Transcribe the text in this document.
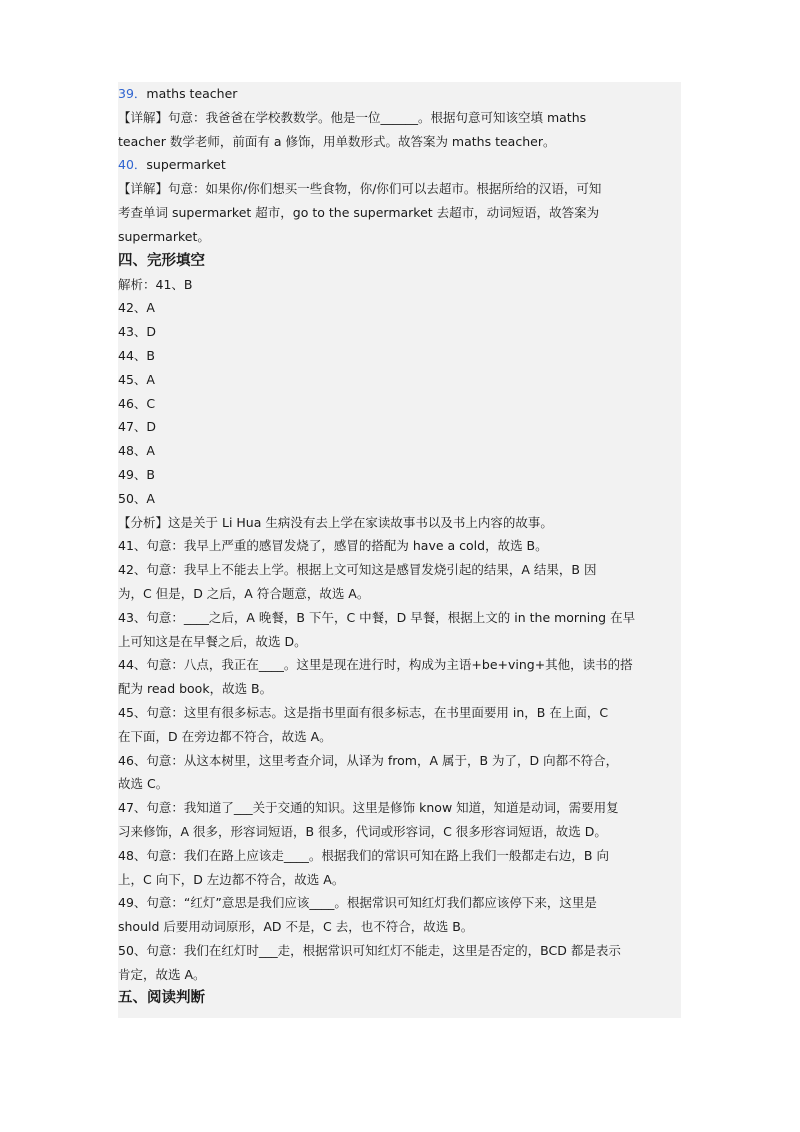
39．maths teacher
【详解】句意：我爸爸在学校教数学。他是一位______。根据句意可知该空填 maths
teacher 数学老师，前面有 a 修饰，用单数形式。故答案为 maths teacher。
40．supermarket
【详解】句意：如果你/你们想买一些食物，你/你们可以去超市。根据所给的汉语，可知
考查单词 supermarket 超市，go to the supermarket 去超市，动词短语，故答案为
supermarket。
四、完形填空
解析：41、B
42、A
43、D
44、B
45、A
46、C
47、D
48、A
49、B
50、A
【分析】这是关于 Li Hua 生病没有去上学在家读故事书以及书上内容的故事。
41、句意：我早上严重的感冒发烧了，感冒的搭配为 have a cold，故选 B。
42、句意：我早上不能去上学。根据上文可知这是感冒发烧引起的结果，A 结果，B 因
为，C 但是，D 之后，A 符合题意，故选 A。
43、句意：____之后，A 晚餐，B 下午，C 中餐，D 早餐，根据上文的 in the morning 在早
上可知这是在早餐之后，故选 D。
44、句意：八点，我正在____。这里是现在进行时，构成为主语+be+ving+其他，读书的搭
配为 read book，故选 B。
45、句意：这里有很多标志。这是指书里面有很多标志，在书里面要用 in，B 在上面，C
在下面，D 在旁边都不符合，故选 A。
46、句意：从这本树里，这里考查介词，从译为 from，A 属于，B 为了，D 向都不符合，
故选 C。
47、句意：我知道了___关于交通的知识。这里是修饰 know 知道，知道是动词，需要用复
习来修饰，A 很多，形容词短语，B 很多，代词或形容词，C 很多形容词短语，故选 D。
48、句意：我们在路上应该走____。根据我们的常识可知在路上我们一般都走右边，B 向
上，C 向下，D 左边都不符合，故选 A。
49、句意：“红灯”意思是我们应该____。根据常识可知红灯我们都应该停下来，这里是
should 后要用动词原形，AD 不是，C 去，也不符合，故选 B。
50、句意：我们在红灯时___走，根据常识可知红灯不能走，这里是否定的，BCD 都是表示
肯定，故选 A。
五、阅读判断
